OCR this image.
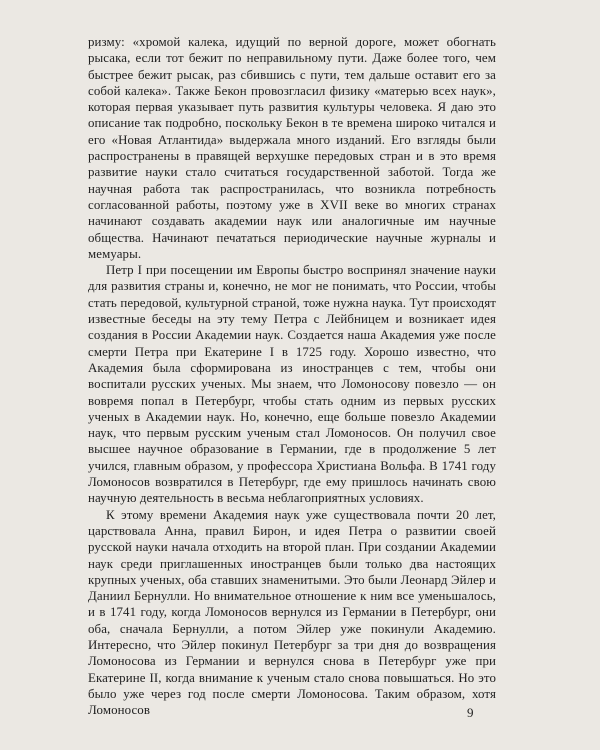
ризму: «хромой калека, идущий по верной дороге, может обогнать рысака, если тот бежит по неправильному пути. Даже более того, чем быстрее бежит рысак, раз сбившись с пути, тем дальше оставит его за собой калека». Также Бекон провозгласил физику «матерью всех наук», которая первая указывает путь развития культуры человека. Я даю это описание так подробно, поскольку Бекон в те времена широко читался и его «Новая Атлантида» выдержала много изданий. Его взгляды были распространены в правящей верхушке передовых стран и в это время развитие науки стало считаться государственной заботой. Тогда же научная работа так распространилась, что возникла потребность согласованной работы, поэтому уже в XVII веке во многих странах начинают создавать академии наук или аналогичные им научные общества. Начинают печататься периодические научные журналы и мемуары.

Петр I при посещении им Европы быстро воспринял значение науки для развития страны и, конечно, не мог не понимать, что России, чтобы стать передовой, культурной страной, тоже нужна наука. Тут происходят известные беседы на эту тему Петра с Лейбницем и возникает идея создания в России Академии наук. Создается наша Академия уже после смерти Петра при Екатерине I в 1725 году. Хорошо известно, что Академия была сформирована из иностранцев с тем, чтобы они воспитали русских ученых. Мы знаем, что Ломоносову повезло — он вовремя попал в Петербург, чтобы стать одним из первых русских ученых в Академии наук. Но, конечно, еще больше повезло Академии наук, что первым русским ученым стал Ломоносов. Он получил свое высшее научное образование в Германии, где в продолжение 5 лет учился, главным образом, у профессора Христиана Вольфа. В 1741 году Ломоносов возвратился в Петербург, где ему пришлось начинать свою научную деятельность в весьма неблагоприятных условиях.

К этому времени Академия наук уже существовала почти 20 лет, царствовала Анна, правил Бирон, и идея Петра о развитии своей русской науки начала отходить на второй план. При создании Академии наук среди приглашенных иностранцев были только два настоящих крупных ученых, оба ставших знаменитыми. Это были Леонард Эйлер и Даниил Бернулли. Но внимательное отношение к ним все уменьшалось, и в 1741 году, когда Ломоносов вернулся из Германии в Петербург, они оба, сначала Бернулли, а потом Эйлер уже покинули Академию. Интересно, что Эйлер покинул Петербург за три дня до возвращения Ломоносова из Германии и вернулся снова в Петербург уже при Екатерине II, когда внимание к ученым стало снова повышаться. Но это было уже через год после смерти Ломоносова. Таким образом, хотя Ломоносов	9
